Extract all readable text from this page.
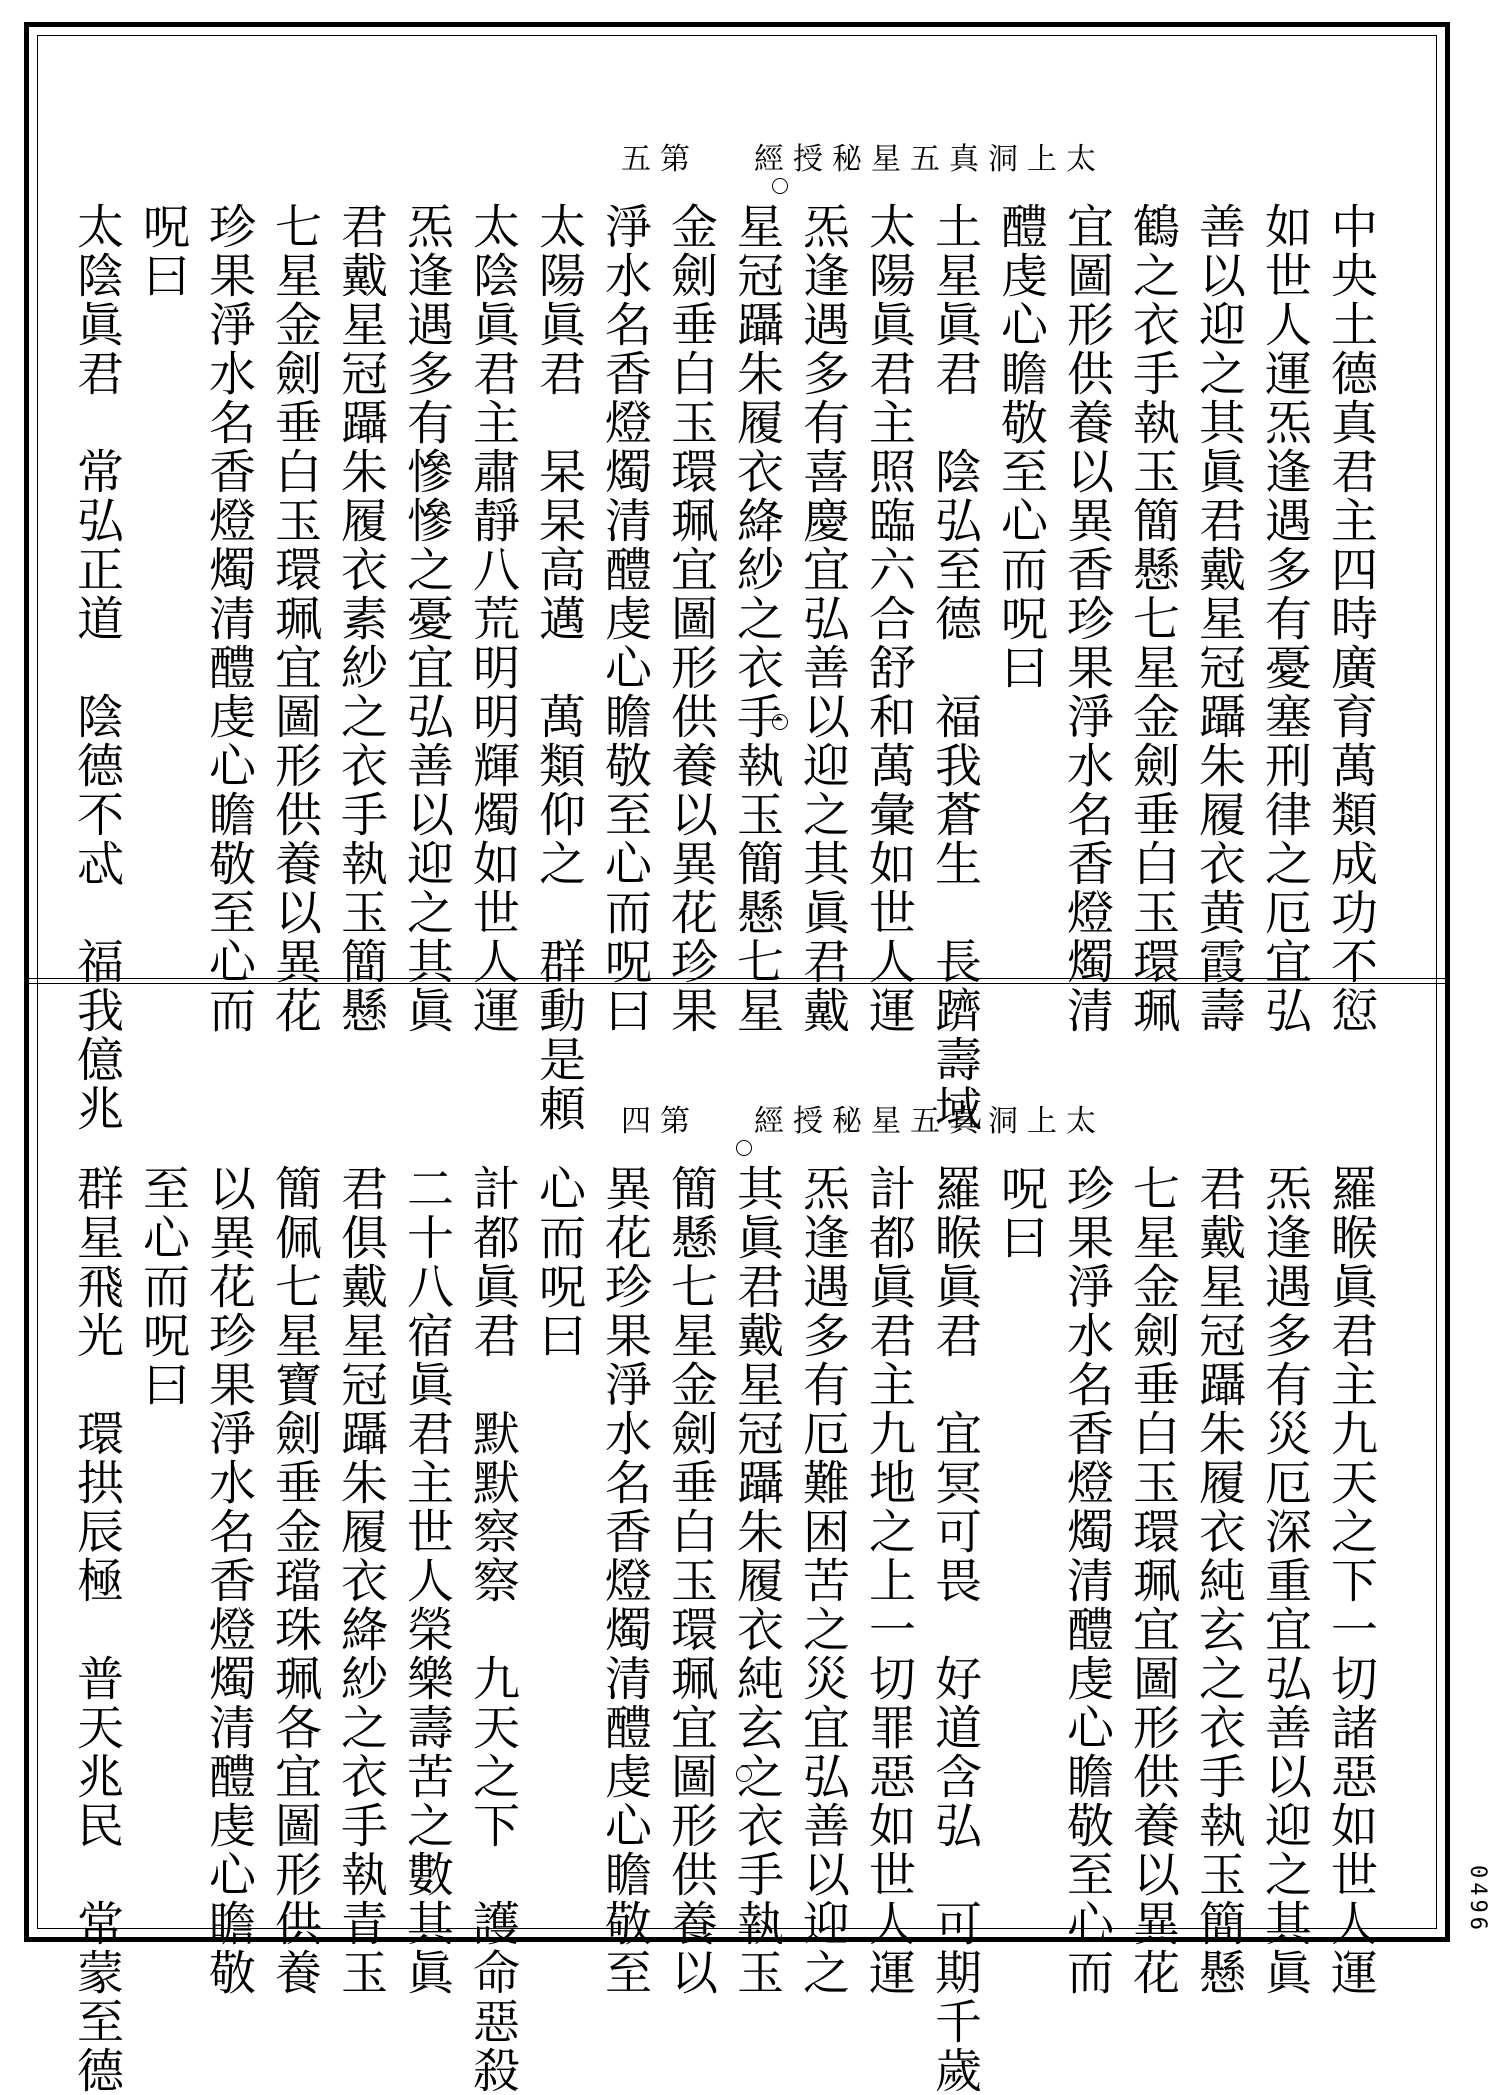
太上洞真五星秘授經第五
中央土德真君主四時廣育萬類成功不愆
如世人運炁逢遇多有憂塞刑律之厄宜弘
善以迎之其眞君戴星冠躡朱履衣黄霞壽
鶴之衣手執玉簡懸七星金劍垂白玉環珮
宜圖形供養以異香珍果淨水名香燈燭清
醴虔心瞻敬至心而呪曰
土星眞君　陰弘至德　福我蒼生　長躋壽域
太陽眞君主照臨六合舒和萬彙如世人運
炁逢遇多有喜慶宜弘善以迎之其眞君戴
星冠躡朱履衣絳紗之衣手執玉簡懸七星
金劍垂白玉環珮宜圖形供養以異花珍果
淨水名香燈燭清醴虔心瞻敬至心而呪曰
太陽眞君　杲杲高邁　萬類仰之　群動是頼
太陰眞君主肅靜八荒明明輝燭如世人運
炁逢遇多有慘慘之憂宜弘善以迎之其眞
君戴星冠躡朱履衣素紗之衣手執玉簡懸
七星金劍垂白玉環珮宜圖形供養以異花
珍果淨水名香燈燭清醴虔心瞻敬至心而
呪曰
太陰眞君　常弘正道　陰德不忒　福我億兆	太上洞真五星秘授經第四
羅睺眞君主九天之下一切諸惡如世人運
炁逢遇多有災厄深重宜弘善以迎之其眞
君戴星冠躡朱履衣純玄之衣手執玉簡懸
七星金劍垂白玉環珮宜圖形供養以異花
珍果淨水名香燈燭清醴虔心瞻敬至心而
呪曰
羅睺眞君　宜冥可畏　好道含弘　可期千歲
計都眞君主九地之上一切罪惡如世人運
炁逢遇多有厄難困苦之災宜弘善以迎之
其眞君戴星冠躡朱履衣純玄之衣手執玉
簡懸七星金劍垂白玉環珮宜圖形供養以
異花珍果淨水名香燈燭清醴虔心瞻敬至
心而呪曰
計都眞君　默默察察　九天之下　護命惡殺
二十八宿眞君主世人榮樂壽苦之數其眞
君俱戴星冠躡朱履衣絳紗之衣手執青玉
簡佩七星寶劍垂金璫珠珮各宜圖形供養
以異花珍果淨水名香燈燭清醴虔心瞻敬
至心而呪曰
群星飛光　環拱辰極　普天兆民　常蒙至德	0496
